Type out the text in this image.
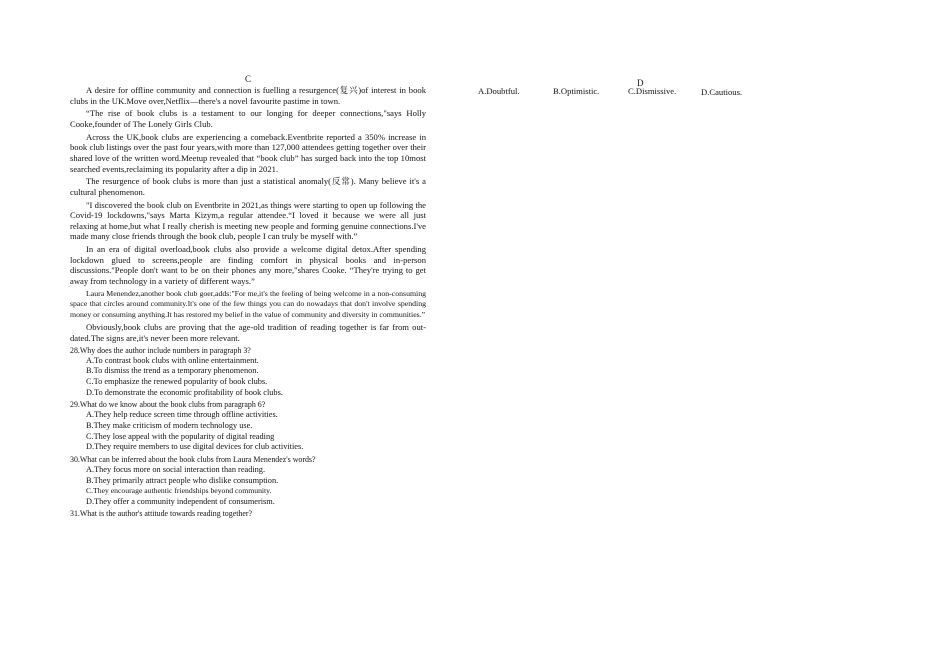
C

A desire for offline community and connection is fuelling a resurgence(复兴)of interest in book clubs in the UK.Move over,Netflix—there's a novel favourite pastime in town.

“The rise of book clubs is a testament to our longing for deeper connections,"says Holly Cooke,founder of The Lonely Girls Club.

Across the UK,book clubs are experiencing a comeback.Eventbrite reported a 350% increase in book club listings over the past four years,with more than 127,000 attendees getting together over their shared love of the written word.Meetup revealed that “book club” has surged back into the top 10most searched events,reclaiming its popularity after a dip in 2021.

The resurgence of book clubs is more than just a statistical anomaly(反常). Many believe it's a cultural phenomenon.

"I discovered the book club on Eventbrite in 2021,as things were starting to open up following the Covid-19 lockdowns,"says Marta Kizym,a regular attendee.“I loved it because we were all just relaxing at home,but what I really cherish is meeting new people and forming genuine connections.I've made many close friends through the book club, people I can truly be myself with.”

In an era of digital overload,book clubs also provide a welcome digital detox.After spending lockdown glued to screens,people are finding comfort in physical books and in-person discussions."People don't want to be on their phones any more,"shares Cooke. “They're trying to get away from technology in a variety of different ways.”

Laura Menendez,another book club goer,adds:"For me,it's the feeling of being welcome in a non-consuming space that circles around community.It's one of the few things you can do nowadays that don't involve spending money or consuming anything.It has restored my belief in the value of community and diversity in communities.”

Obviously,book clubs are proving that the age-old tradition of reading together is far from out-dated.The signs are,it's never been more relevant.

28.Why does the author include numbers in paragraph 3?
A.To contrast book clubs with online entertainment.
B.To dismiss the trend as a temporary phenomenon.
C.To emphasize the renewed popularity of book clubs.
D.To demonstrate the economic profitability of book clubs.
29.What do we know about the book clubs from paragraph 6?
A.They help reduce screen time through offline activities.
B.They make criticism of modern technology use.
C.They lose appeal with the popularity of digital reading
D.They require members to use digital devices for club activities.
30.What can be inferred about the book clubs from Laura Menendez's words?
A.They focus more on social interaction than reading.
B.They primarily attract people who dislike consumption.
C.They encourage authentic friendships beyond community.
D.They offer a community independent of consumerism.
31.What is the author's attitude towards reading together?
D
A.Doubtful.	B.Optimistic.	C.Dismissive.	D.Cautious.
